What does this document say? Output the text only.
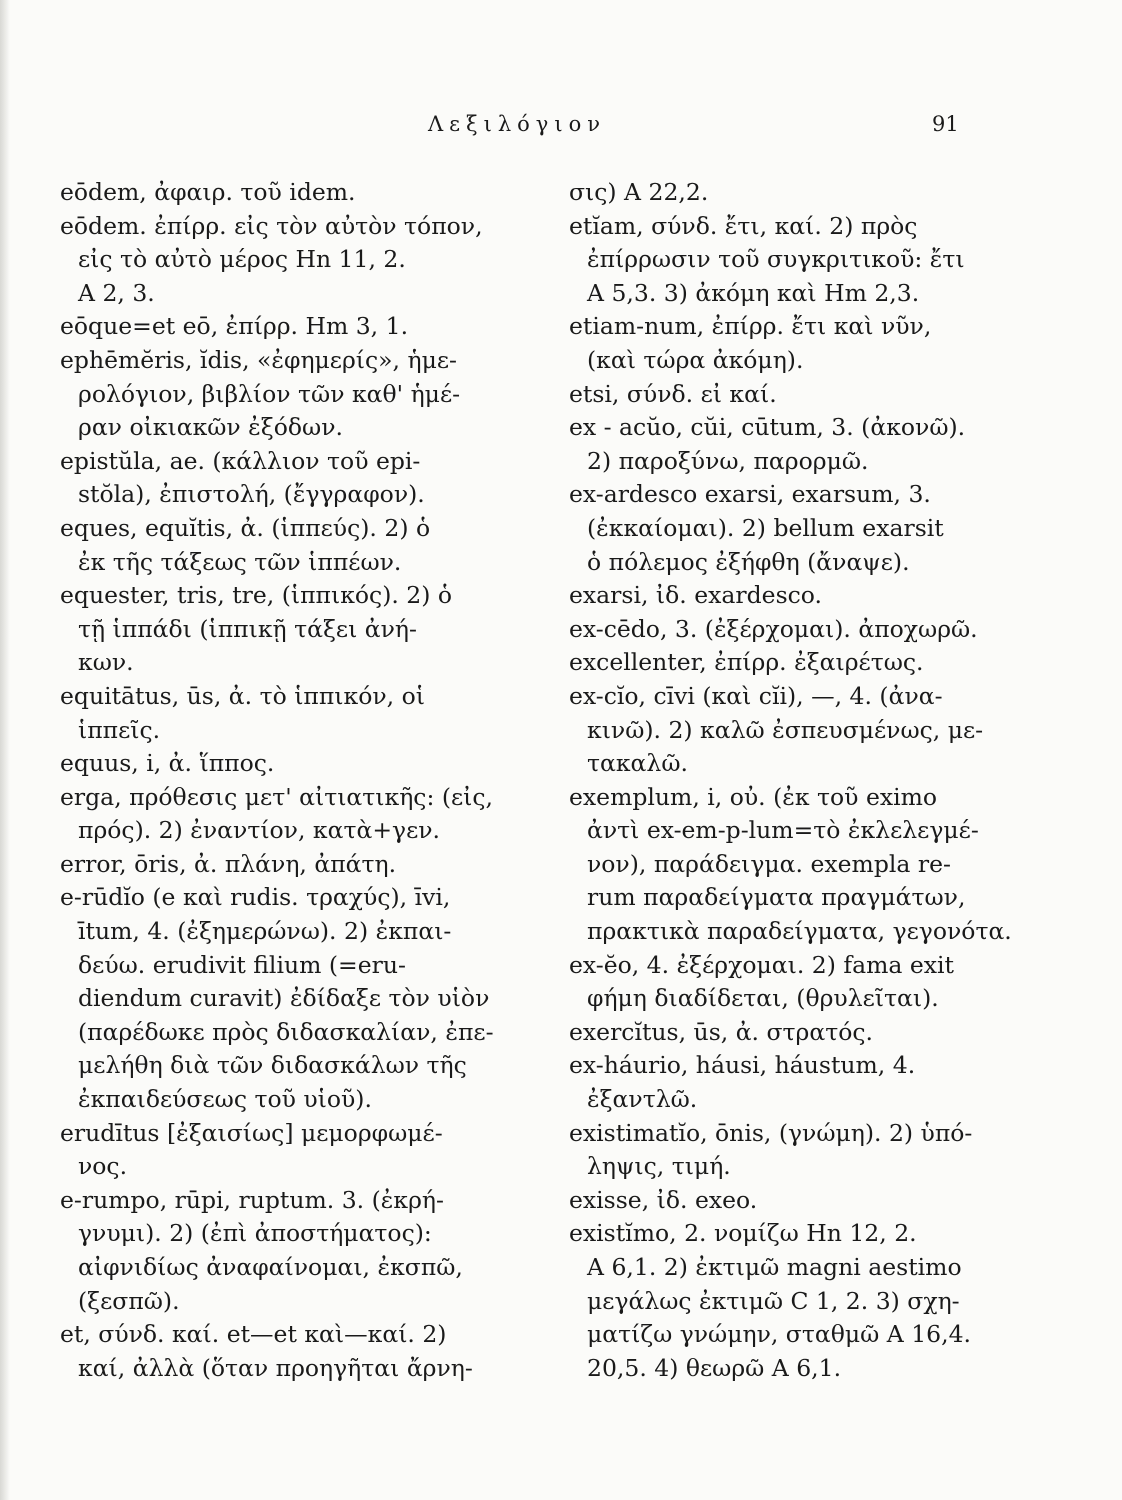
Λεξιλόγιον	91
eōdem, ἀφαιρ. τοῦ idem.
eōdem. ἐπίρρ. εἰς τὸν αὐτὸν τόπον,
εἰς τὸ αὐτὸ μέρος Hn 11, 2.
A 2, 3.
eōque=et eō, ἐπίρρ. Hm 3, 1.
ephēmĕris, ĭdis, «ἐφημερίς», ἡμε-
ρολόγιον, βιβλίον τῶν καθ' ἡμέ-
ραν οἰκιακῶν ἐξόδων.
epistŭla, ae. (κάλλιον τοῦ epi-
stŏla), ἐπιστολή, (ἔγγραφον).
eques, equĭtis, ἀ. (ἱππεύς). 2) ὁ
ἐκ τῆς τάξεως τῶν ἱππέων.
equester, tris, tre, (ἱππικός). 2) ὁ
τῇ ἱππάδι (ἱππικῇ τάξει ἀνή-
κων.
equitātus, ūs, ἀ. τὸ ἱππικόν, οἱ
ἱππεῖς.
equus, i, ἀ. ἵππος.
erga, πρόθεσις μετ' αἰτιατικῆς: (εἰς,
πρός). 2) ἐναντίον, κατὰ+γεν.
error, ōris, ἀ. πλάνη, ἀπάτη.
e-rūdĭo (e καὶ rudis. τραχύς), īvi,
ītum, 4. (ἐξημερώνω). 2) ἐκπαι-
δεύω. erudivit filium (=eru-
diendum curavit) ἐδίδαξε τὸν υἱὸν
(παρέδωκε πρὸς διδασκαλίαν, ἐπε-
μελήθη διὰ τῶν διδασκάλων τῆς
ἐκπαιδεύσεως τοῦ υἱοῦ).
erudītus [ἐξαισίως] μεμορφωμέ-
νος.
e-rumpo, rūpi, ruptum. 3. (ἐκρή-
γνυμι). 2) (ἐπὶ ἀποστήματος):
αἰφνιδίως ἀναφαίνομαι, ἐκσπῶ,
(ξεσπῶ).
et, σύνδ. καί. et—et καὶ—καί. 2)
καί, ἀλλὰ (ὅταν προηγῆται ἄρνη-
σις) A 22,2.
etĭam, σύνδ. ἔτι, καί. 2) πρὸς
ἐπίρρωσιν τοῦ συγκριτικοῦ: ἔτι
A 5,3. 3) ἀκόμη καὶ Hm 2,3.
etiam-num, ἐπίρρ. ἔτι καὶ νῦν,
(καὶ τώρα ἀκόμη).
etsi, σύνδ. εἰ καί.
ex - acŭo, cŭi, cūtum, 3. (ἀκονῶ).
2) παροξύνω, παρορμῶ.
ex-ardesco exarsi, exarsum, 3.
(ἐκκαίομαι). 2) bellum exarsit
ὁ πόλεμος ἐξήφθη (ἄναψε).
exarsi, ἰδ. exardesco.
ex-cēdo, 3. (ἐξέρχομαι). ἀποχωρῶ.
excellenter, ἐπίρρ. ἐξαιρέτως.
ex-cĭo, cīvi (καὶ cĭi), —, 4. (ἀνα-
κινῶ). 2) καλῶ ἐσπευσμένως, με-
τακαλῶ.
exemplum, i, οὐ. (ἐκ τοῦ eximo
ἀντὶ ex-em-p-lum=τὸ ἐκλελεγμέ-
νον), παράδειγμα. exempla re-
rum παραδείγματα πραγμάτων,
πρακτικὰ παραδείγματα, γεγονότα.
ex-ĕo, 4. ἐξέρχομαι. 2) fama exit
φήμη διαδίδεται, (θρυλεῖται).
exercĭtus, ūs, ἀ. στρατός.
ex-háurio, háusi, háustum, 4.
ἐξαντλῶ.
existimatĭo, ōnis, (γνώμη). 2) ὑπό-
ληψις, τιμή.
exisse, ἰδ. exeo.
existĭmo, 2. νομίζω Hn 12, 2.
A 6,1. 2) ἐκτιμῶ magni aestimo
μεγάλως ἐκτιμῶ C 1, 2. 3) σχη-
ματίζω γνώμην, σταθμῶ A 16,4.
20,5. 4) θεωρῶ A 6,1.
